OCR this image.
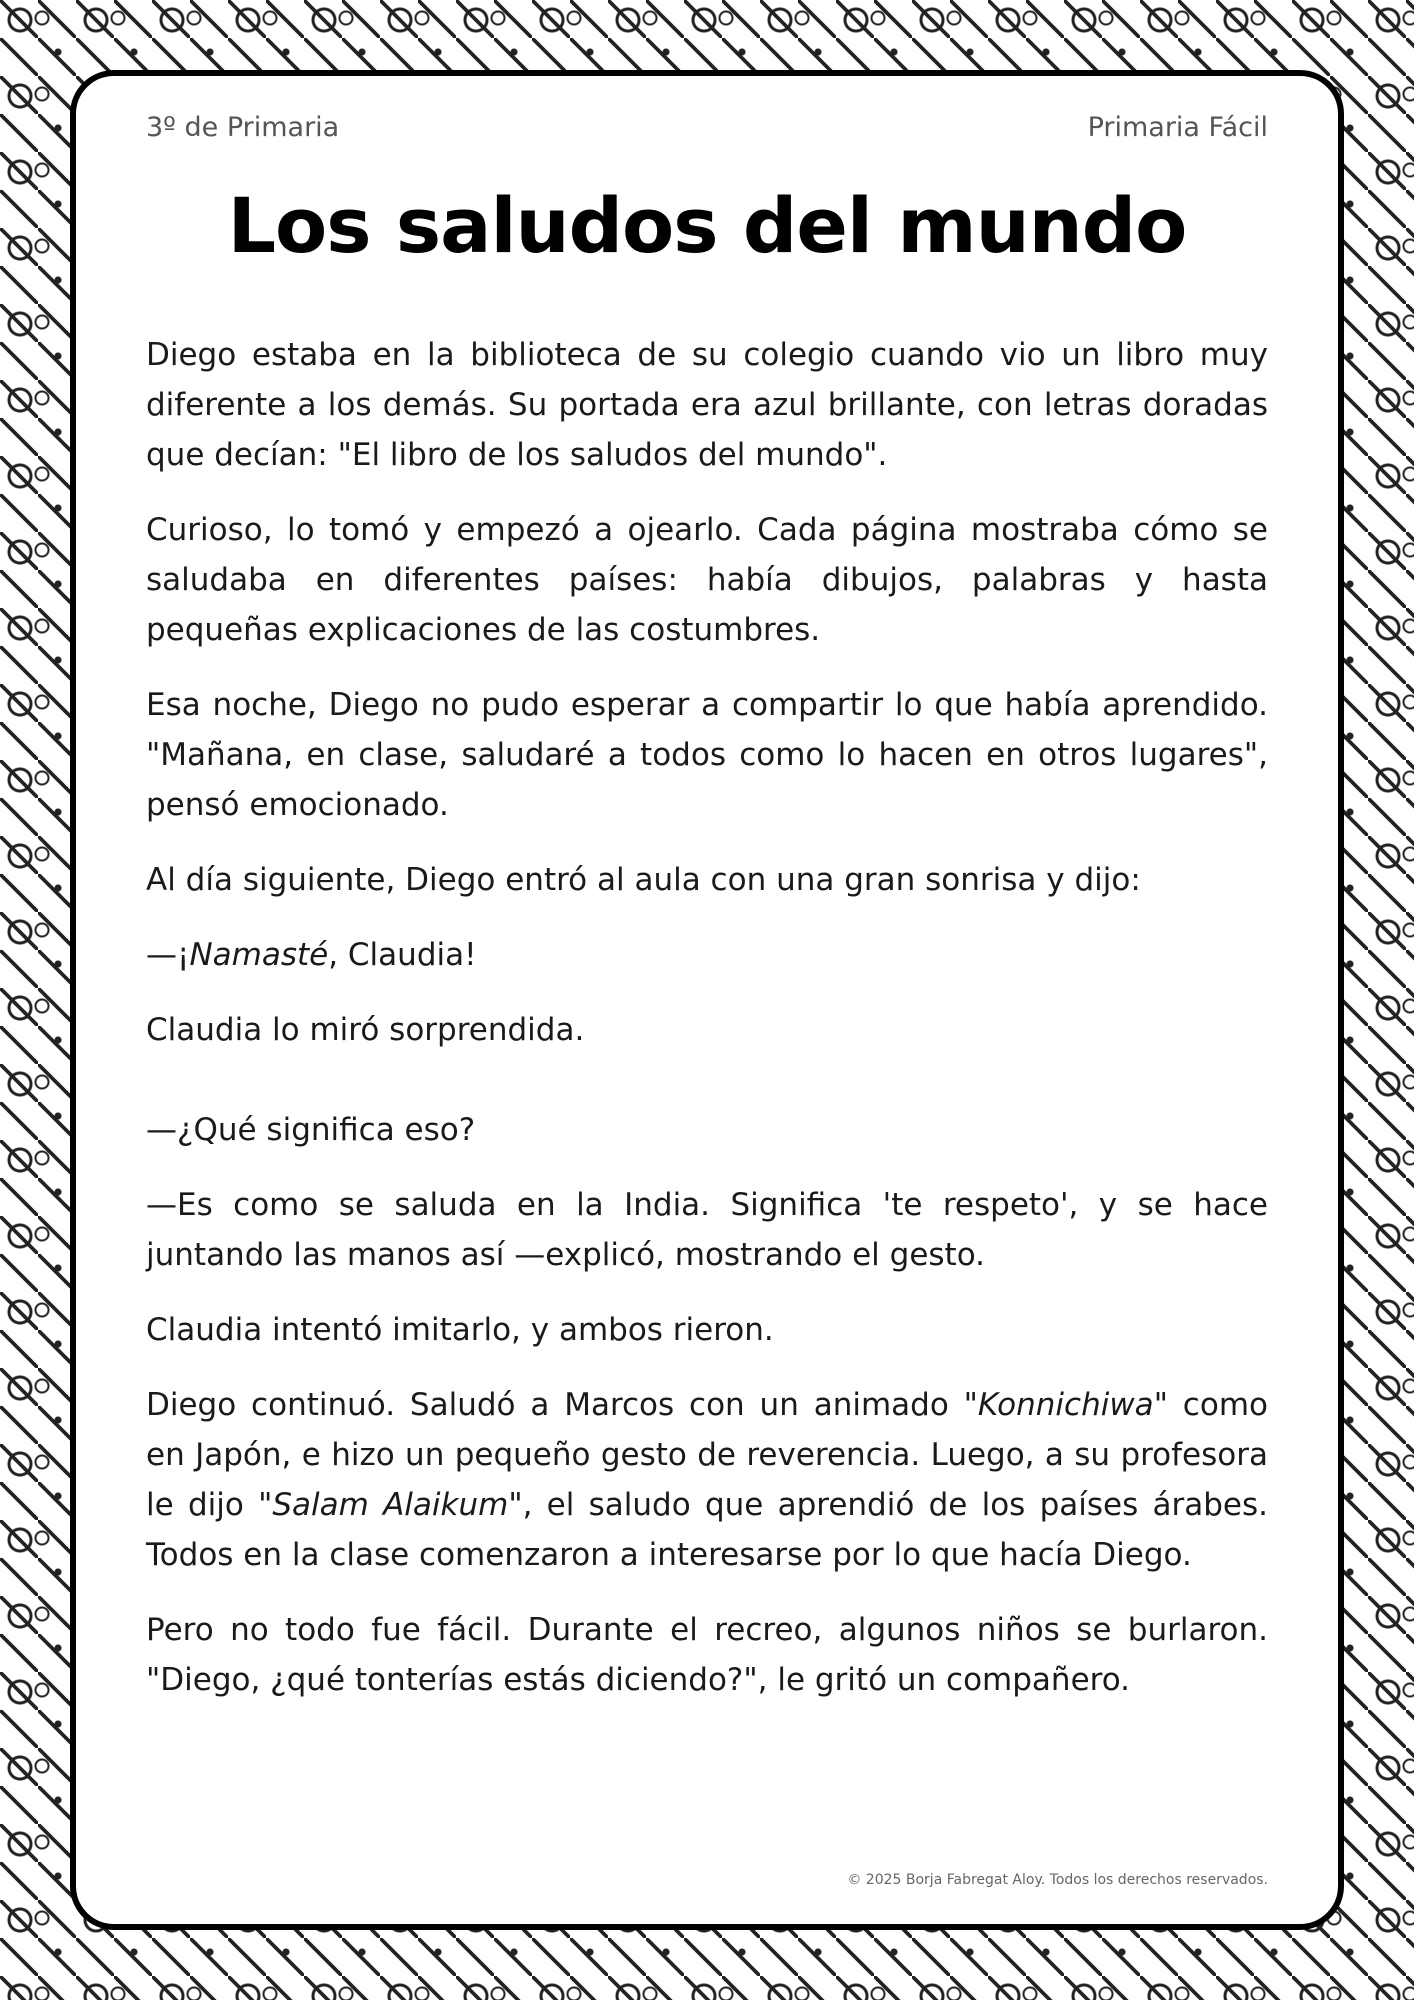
3º de Primaria	Primaria Fácil
Los saludos del mundo

Diego estaba en la biblioteca de su colegio cuando vio un libro muy diferente a los demás. Su portada era azul brillante, con letras doradas que decían: "El libro de los saludos del mundo".

Curioso, lo tomó y empezó a ojearlo. Cada página mostraba cómo se saludaba en diferentes países: había dibujos, palabras y hasta pequeñas explicaciones de las costumbres.

Esa noche, Diego no pudo esperar a compartir lo que había aprendido. "Mañana, en clase, saludaré a todos como lo hacen en otros lugares", pensó emocionado.

Al día siguiente, Diego entró al aula con una gran sonrisa y dijo:

—¡Namasté, Claudia!

Claudia lo miró sorprendida.

—¿Qué significa eso?

—Es como se saluda en la India. Significa 'te respeto', y se hace juntando las manos así —explicó, mostrando el gesto.

Claudia intentó imitarlo, y ambos rieron.

Diego continuó. Saludó a Marcos con un animado "Konnichiwa" como en Japón, e hizo un pequeño gesto de reverencia. Luego, a su profesora le dijo "Salam Alaikum", el saludo que aprendió de los países árabes. Todos en la clase comenzaron a interesarse por lo que hacía Diego.

Pero no todo fue fácil. Durante el recreo, algunos niños se burlaron. "Diego, ¿qué tonterías estás diciendo?", le gritó un compañero.

© 2025 Borja Fabregat Aloy. Todos los derechos reservados.
